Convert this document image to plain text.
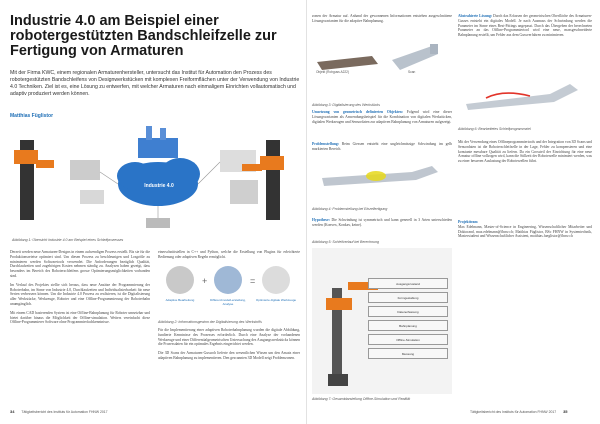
Industrie 4.0 am Beispiel einer robotergestützten Bandschleifzelle zur Fertigung von Armaturen
Mit der Firma KWC, einem regionalen Armaturenhersteller, untersucht das Institut für Automation den Prozess des robotergestützten Bandschleifens von Designwerkstücken mit komplexen Freiformflächen unter der Verwendung von Industrie 4.0 Techniken. Ziel ist es, eine Lösung zu entwerfen, mit welcher Armaturen nach einmaligem Einrichten vollautomatisch und adaptiv produziert werden können.
Matthias Füglistor
Industrie 4.0
Abbildung 1: Übersicht Industrie 4.0 am Beispiel eines Schleifprozesses

Derzeit werden neue Armaturen-Designs in einem aufwendigen Prozess erstellt. Bis sie für die Produktionsreieise optimiert sind. Um diesen Prozess zu beschleunigen und Losgröße zu minimieren werden Softwaretools verwendet. Die Anforderungen bezüglich Qualität, Durchlaufzeiten und zugehörigen Kosten nehmen ständig zu. Analysen haben gezeigt, dass besonders im Bereich des Roboterschleifens grosse Optimierungsmöglichkeiten vorhanden sind.

Im Verlauf des Projektes stellte sich heraus, dass neue Ansätze der Programmierung der Roboterbahn, im Sinne von Industrie 4.0, Durchlaufzeiten und Individualisierbarkeit für neue Serien verbessern können. Um die Industrie 4.0 Prozess zu realisieren, ist die Digitalisierung aller Werkstücke, Werkzeuge, Roboter und eine Offline-Programmierung der Roboterbahn unumgänglich.

Mit einem CAD basierenden System ist eine Offline-Bahnplanung für Roboter umsetzbar und bietet darüber hinaus die Möglichkeit der Offline-simulation. Weiters vereinfacht diese Offline-Programmierer Software ohne Programmierfachkenntnisse.

+	=
Adaptive Bearbeitung	Differenzmodell-erstellung, Analyse
Optimierte digitale Werkzeuge
Abbildung 2: Informationsgewinn der Digitalisierung des Werkstoffs

einerschnittstellen in C++ und Python, welche die Erstellung von Plugins für erleichterte Bedienung oder adaptiven Regeln ermöglicht.

Für die Implementierung einer adaptiven Roboterbahnplanung wurden die digitale Abbildung, fundierte Kenntnisse des Prozesses erforderlich. Durch eine Analyse der vorhandenen Werkzeuge und einer Differentialgeometrischen Untersuchung des Ausgangswerkstücks können die Prozessdaten für ein optimales Ergebnis eingerichtet werden.

Die 3D Scans der Armaturen-Gussroh lieferte den wesentlichen Wissen um den Ansatz einer adaptiven Bahnplanung zu implementieren. Den gescannten 3D Modell zeigt Problemzonen.

34 Tätigkeitsbericht des Instituts für Automation FHNW 2017
zonen der Armatur auf. Anhand der gewonnenen Informationen entstehen ausgeschnittene Lösungsvarianten für die adaptive Bahnplanung.
Objekt (Rohguss A222)	Scan
Abbildung 3: Digitalisierung des Werkstücks
Umsetzung von geometrisch definierten Objekten: Folgend wird eine dieser Lösungsvarianten als Anwendungsbeispiel für die Kombination von digitalen Werkstücken, digitalen Werkzeugen und Sensordaten zur adaptiven Bahnplanung von Armaturen aufgezeigt.
Problemstellung: Beim Giessen entsteht eine ungleichmässige Schwindung im gelb markierten Bereich.
Abbildung 4: Problemstellung bei Einzelfertigung
Hypothese: Die Schwindung ist symmetrisch und kann generell in 3 Arten unterschieden werden (Konvex, Konkav, keine).
Abbildung 5: Schleifverlauf bei Berechnung
Ausgangszustand
Formgestaltung
Datenerfassung
Bahnplanung
Offline-Simulation
Messung
Abbildung 7: Gesamtdarstellung Offline-Simulation und Realität
Abstrahierte Lösung: Durch das Erfassen der geometrischen Oberfläche des Armaturen-Gusses entsteht ein digitales Modell. Je nach Ausmass der Schwindung werden die Parameter im Sinne eines Best-Fittings angepasst. Durch das Übergeben der berechneten Parameter an das Offline-Programmiertool wird eine neue, massgeschneiderte Bahnplanung erstellt, um Fehler aus dem Gussverfahren zu minimieren.
Abbildung 6: Bearbeitetes Schleifprogrammziel
Mit der Verwendung eines Offlineprogrammiertools und der Integration von 3D Scans und Sensordaten ist die Roboterschleifzelle in der Lage, Fehler zu kompensieren und eine konstante messbare Qualität zu liefern. Da ein Grossteil der Einrichtung für eine neue Armatur offline vollzogen wird, kann die Stillzeit der Roboterzelle minimiert werden, was zu einer besseren Auslastung der Roboterzellen führt.
Projektteam
Max Edelmann, Master-of-Science in Engineering, Wissenschaftlicher Mitarbeiter und Doktorand, max.edelmann@fhnw.ch; Matthias Füglistor, BSc FHNW in Systemtechnik, Masterstudent und Wissenschaftlicher Assistent, matthias.fueglistor@fhnw.ch
Tätigkeitsbericht des Instituts für Automation FHNW 2017 35
